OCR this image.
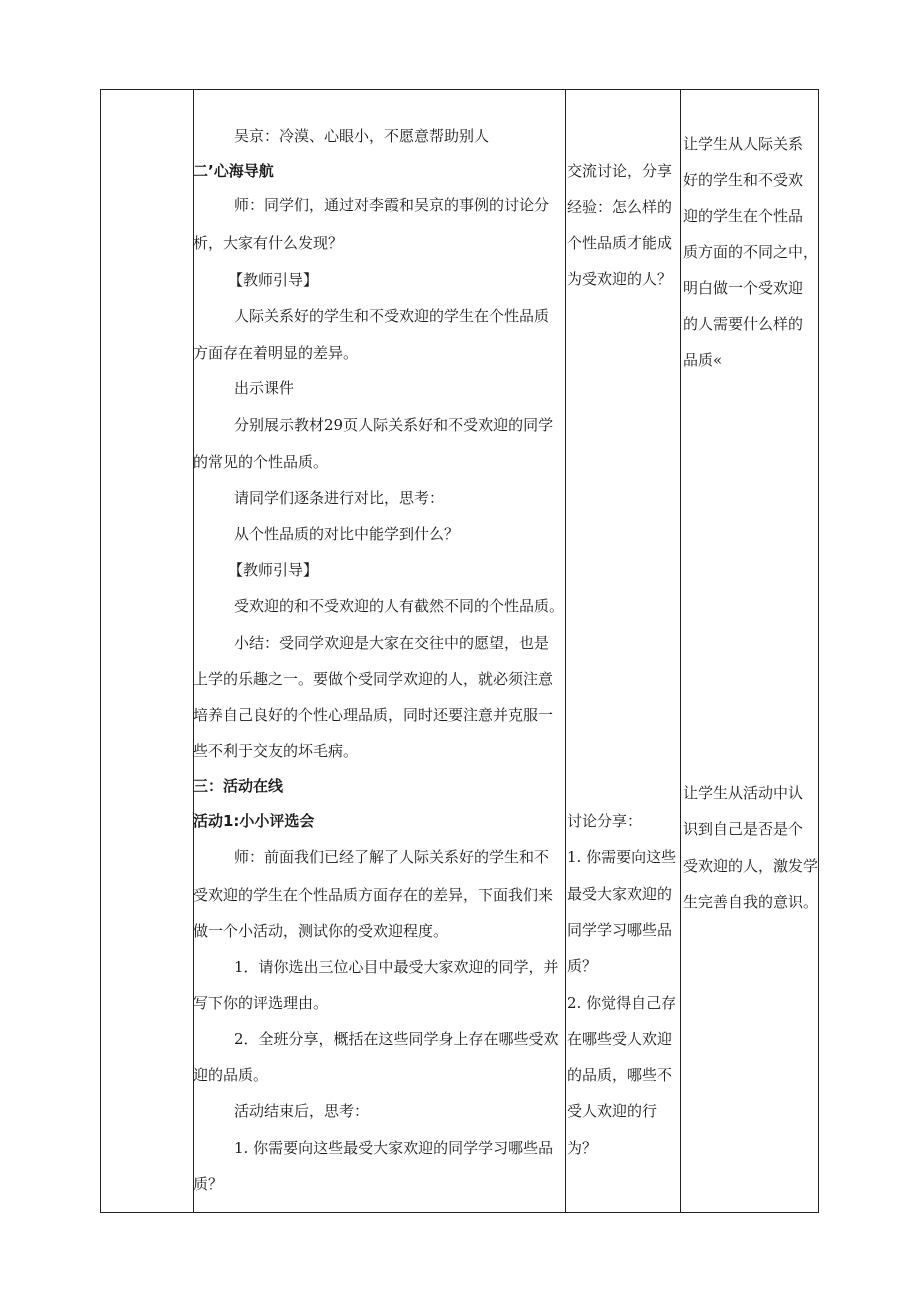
吴京：冷漠、心眼小，不愿意帮助别人
二’心海导航
师：同学们，通过对李霞和吴京的事例的讨论分
析，大家有什么发现？
【教师引导】
人际关系好的学生和不受欢迎的学生在个性品质
方面存在着明显的差异。
出示课件
分别展示教材29页人际关系好和不受欢迎的同学
的常见的个性品质。
请同学们逐条进行对比，思考：
从个性品质的对比中能学到什么？
【教师引导】
受欢迎的和不受欢迎的人有截然不同的个性品质。
小结：受同学欢迎是大家在交往中的愿望，也是
上学的乐趣之一。要做个受同学欢迎的人，就必须注意
培养自己良好的个性心理品质，同时还要注意并克服一
些不利于交友的坏毛病。
三：活动在线
活动1:小小评选会
师：前面我们已经了解了人际关系好的学生和不
受欢迎的学生在个性品质方面存在的差异，下面我们来
做一个小活动，测试你的受欢迎程度。
1．请你选出三位心目中最受大家欢迎的同学，并
写下你的评选理由。
2．全班分享，概括在这些同学身上存在哪些受欢
迎的品质。
活动结束后，思考：
1. 你需要向这些最受大家欢迎的同学学习哪些品
质？
交流讨论，分享
经验：怎么样的
个性品质才能成
为受欢迎的人？
讨论分享：
1. 你需要向这些
最受大家欢迎的
同学学习哪些品
质？
2. 你觉得自己存
在哪些受人欢迎
的品质，哪些不
受人欢迎的行
为？
让学生从人际关系
好的学生和不受欢
迎的学生在个性品
质方面的不同之中，
明白做一个受欢迎
的人需要什么样的
品质«
让学生从活动中认
识到自己是否是个
受欢迎的人，激发学
生完善自我的意识。
